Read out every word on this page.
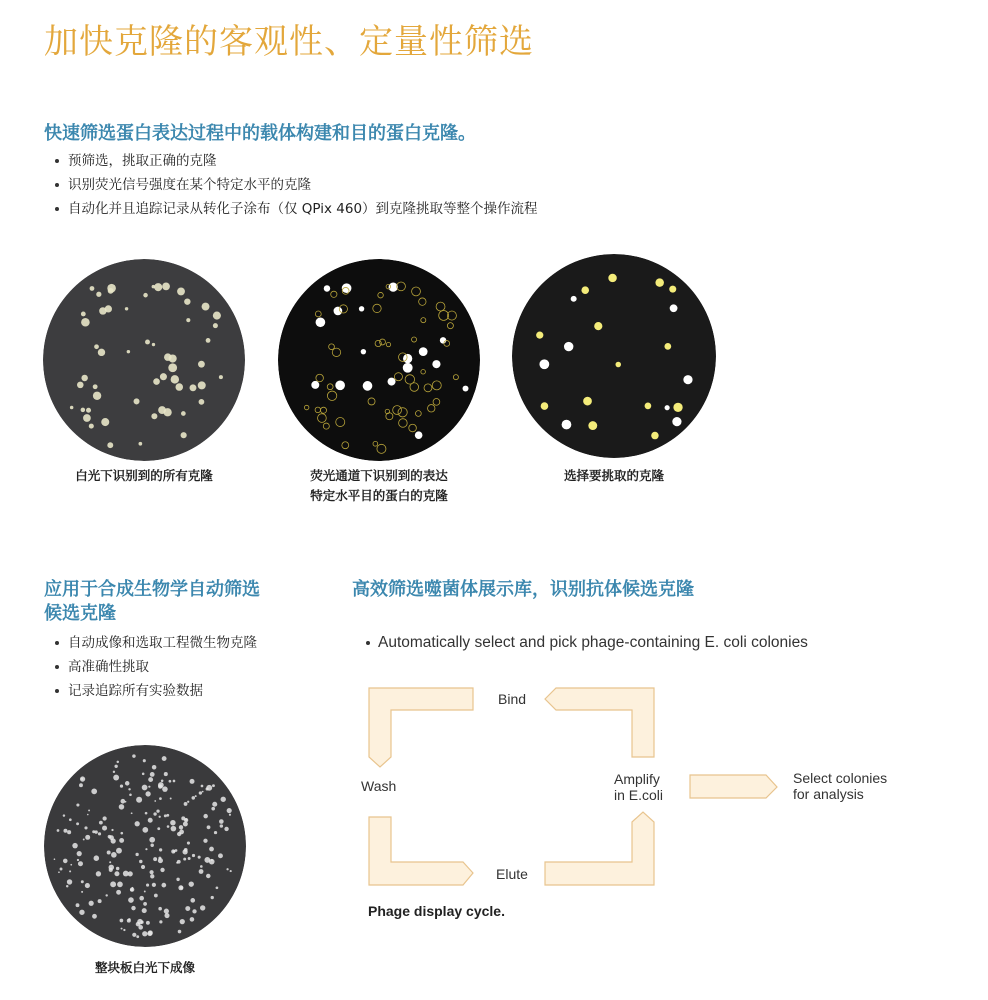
加快克隆的客观性、定量性筛选
快速筛选蛋白表达过程中的载体构建和目的蛋白克隆。
预筛选，挑取正确的克隆
识别荧光信号强度在某个特定水平的克隆
自动化并且追踪记录从转化子涂布（仅 QPix 460）到克隆挑取等整个操作流程
白光下识别到的所有克隆	荧光通道下识别到的表达
特定水平目的蛋白的克隆
选择要挑取的克隆
应用于合成生物学自动筛选
候选克隆
自动成像和选取工程微生物克隆
高准确性挑取
记录追踪所有实验数据
整块板白光下成像
高效筛选噬菌体展示库，识别抗体候选克隆
Automatically select and pick phage-containing E. coli colonies
Bind
Wash	Amplify
in E.coli
Elute
Select colonies
for analysis
Phage display cycle.
